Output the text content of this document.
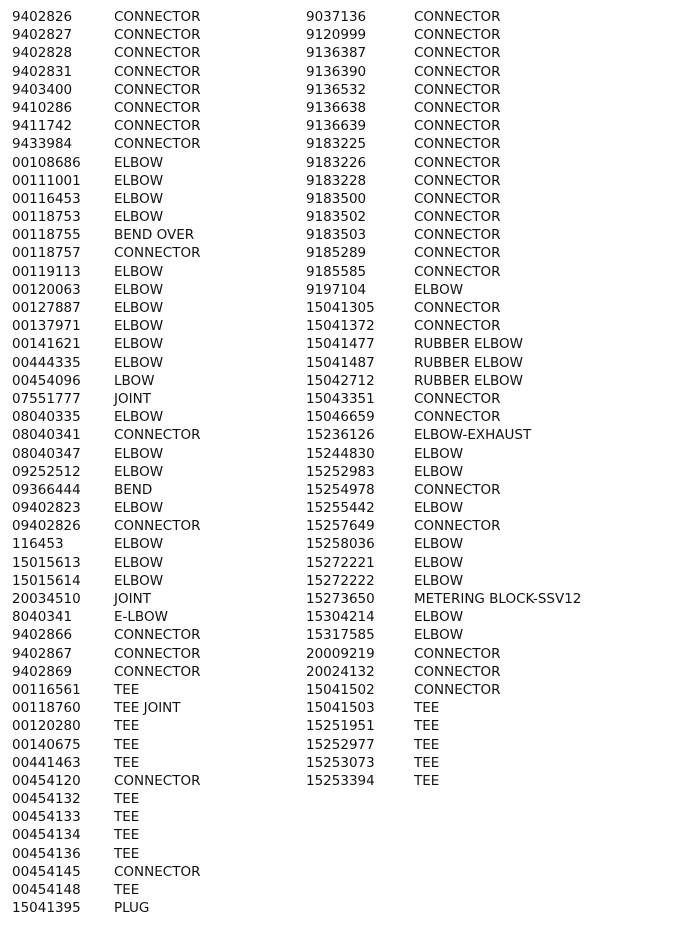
9402826	CONNECTOR
9402827	CONNECTOR
9402828	CONNECTOR
9402831	CONNECTOR
9403400	CONNECTOR
9410286	CONNECTOR
9411742	CONNECTOR
9433984	CONNECTOR
00108686	ELBOW
00111001	ELBOW
00116453	ELBOW
00118753	ELBOW
00118755	BEND OVER
00118757	CONNECTOR
00119113	ELBOW
00120063	ELBOW
00127887	ELBOW
00137971	ELBOW
00141621	ELBOW
00444335	ELBOW
00454096	LBOW
07551777	JOINT
08040335	ELBOW
08040341	CONNECTOR
08040347	ELBOW
09252512	ELBOW
09366444	BEND
09402823	ELBOW
09402826	CONNECTOR
116453	ELBOW
15015613	ELBOW
15015614	ELBOW
20034510	JOINT
8040341	E-LBOW
9402866	CONNECTOR
9402867	CONNECTOR
9402869	CONNECTOR
00116561	TEE
00118760	TEE JOINT
00120280	TEE
00140675	TEE
00441463	TEE
00454120	CONNECTOR
00454132	TEE
00454133	TEE
00454134	TEE
00454136	TEE
00454145	CONNECTOR
00454148	TEE
15041395	PLUG
9037136	CONNECTOR
9120999	CONNECTOR
9136387	CONNECTOR
9136390	CONNECTOR
9136532	CONNECTOR
9136638	CONNECTOR
9136639	CONNECTOR
9183225	CONNECTOR
9183226	CONNECTOR
9183228	CONNECTOR
9183500	CONNECTOR
9183502	CONNECTOR
9183503	CONNECTOR
9185289	CONNECTOR
9185585	CONNECTOR
9197104	ELBOW
15041305	CONNECTOR
15041372	CONNECTOR
15041477	RUBBER ELBOW
15041487	RUBBER ELBOW
15042712	RUBBER ELBOW
15043351	CONNECTOR
15046659	CONNECTOR
15236126	ELBOW-EXHAUST
15244830	ELBOW
15252983	ELBOW
15254978	CONNECTOR
15255442	ELBOW
15257649	CONNECTOR
15258036	ELBOW
15272221	ELBOW
15272222	ELBOW
15273650	METERING BLOCK-SSV12
15304214	ELBOW
15317585	ELBOW
20009219	CONNECTOR
20024132	CONNECTOR
15041502	CONNECTOR
15041503	TEE
15251951	TEE
15252977	TEE
15253073	TEE
15253394	TEE
